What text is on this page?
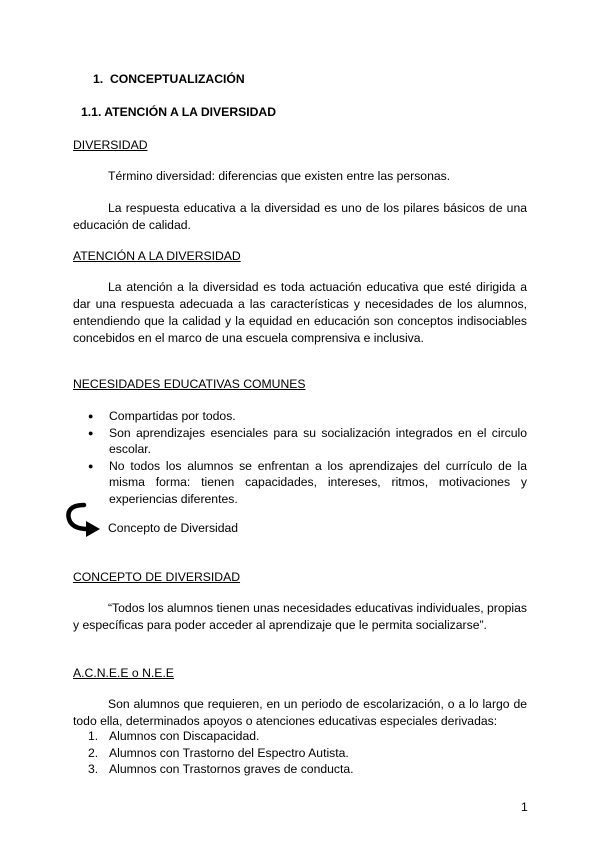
1. CONCEPTUALIZACIÓN
1.1. ATENCIÓN A LA DIVERSIDAD
DIVERSIDAD
Término diversidad: diferencias que existen entre las personas.
La respuesta educativa a la diversidad es uno de los pilares básicos de una educación de calidad.
ATENCIÓN A LA DIVERSIDAD
La atención a la diversidad es toda actuación educativa que esté dirigida a dar una respuesta adecuada a las características y necesidades de los alumnos, entendiendo que la calidad y la equidad en educación son conceptos indisociables concebidos en el marco de una escuela comprensiva e inclusiva.
NECESIDADES EDUCATIVAS COMUNES
● Compartidas por todos.
● Son aprendizajes esenciales para su socialización integrados en el circulo escolar.
● No todos los alumnos se enfrentan a los aprendizajes del currículo de la misma forma: tienen capacidades, intereses, ritmos, motivaciones y experiencias diferentes.
Concepto de Diversidad
CONCEPTO DE DIVERSIDAD
“Todos los alumnos tienen unas necesidades educativas individuales, propias y específicas para poder acceder al aprendizaje que le permita socializarse”.
A.C.N.E.E o N.E.E
Son alumnos que requieren, en un periodo de escolarización, o a lo largo de todo ella, determinados apoyos o atenciones educativas especiales derivadas:
1. Alumnos con Discapacidad.
2. Alumnos con Trastorno del Espectro Autista.
3. Alumnos con Trastornos graves de conducta.
1
